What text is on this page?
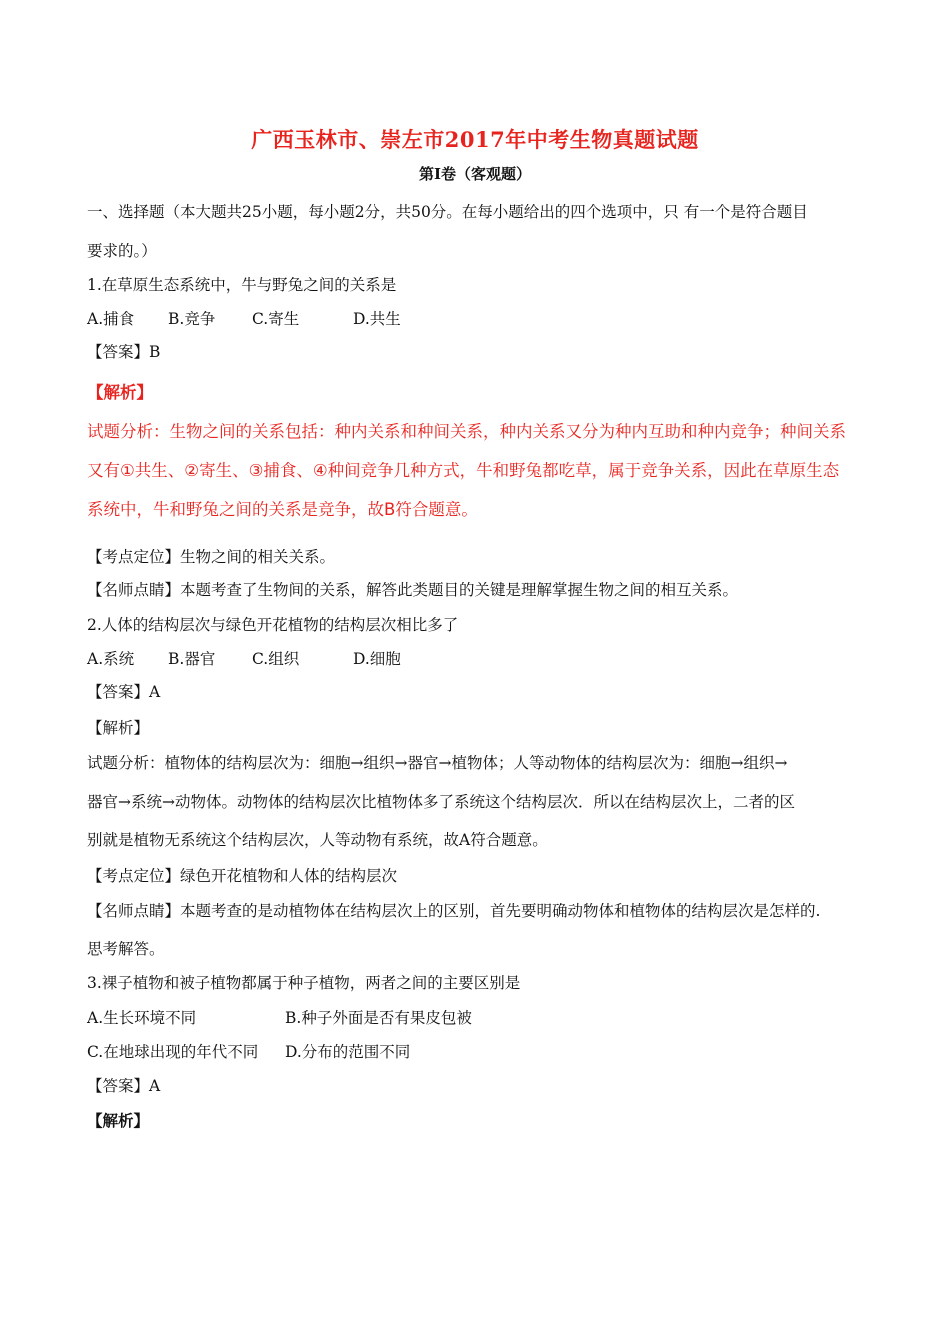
广西玉林市、崇左市2017年中考生物真题试题
第Ⅰ卷（客观题）
一、选择题（本大题共25小题，每小题2分，共50分。在每小题给出的四个选项中，只 有一个是符合题目
要求的。）
1.在草原生态系统中，牛与野兔之间的关系是
A.捕食 B.竞争 C.寄生	D.共生
【答案】B
【解析】
试题分析：生物之间的关系包括：种内关系和种间关系，种内关系又分为种内互助和种内竞争；种间关系
又有①共生、②寄生、③捕食、④种间竞争几种方式，牛和野兔都吃草，属于竞争关系，因此在草原生态
系统中，牛和野兔之间的关系是竞争，故B符合题意。
【考点定位】生物之间的相关关系。
【名师点睛】本题考查了生物间的关系，解答此类题目的关键是理解掌握生物之间的相互关系。
2.人体的结构层次与绿色开花植物的结构层次相比多了
A.系统 B.器官 C.组织	D.细胞
【答案】A
【解析】
试题分析：植物体的结构层次为：细胞→组织→器官→植物体；人等动物体的结构层次为：细胞→组织→
器官→系统→动物体。动物体的结构层次比植物体多了系统这个结构层次．所以在结构层次上，二者的区
别就是植物无系统这个结构层次，人等动物有系统，故A符合题意。
【考点定位】绿色开花植物和人体的结构层次
【名师点睛】本题考查的是动植物体在结构层次上的区别，首先要明确动物体和植物体的结构层次是怎样的.
思考解答。
3.裸子植物和被子植物都属于种子植物，两者之间的主要区别是
A.生长环境不同	B.种子外面是否有果皮包被
C.在地球出现的年代不同 D.分布的范围不同
【答案】A
【解析】
